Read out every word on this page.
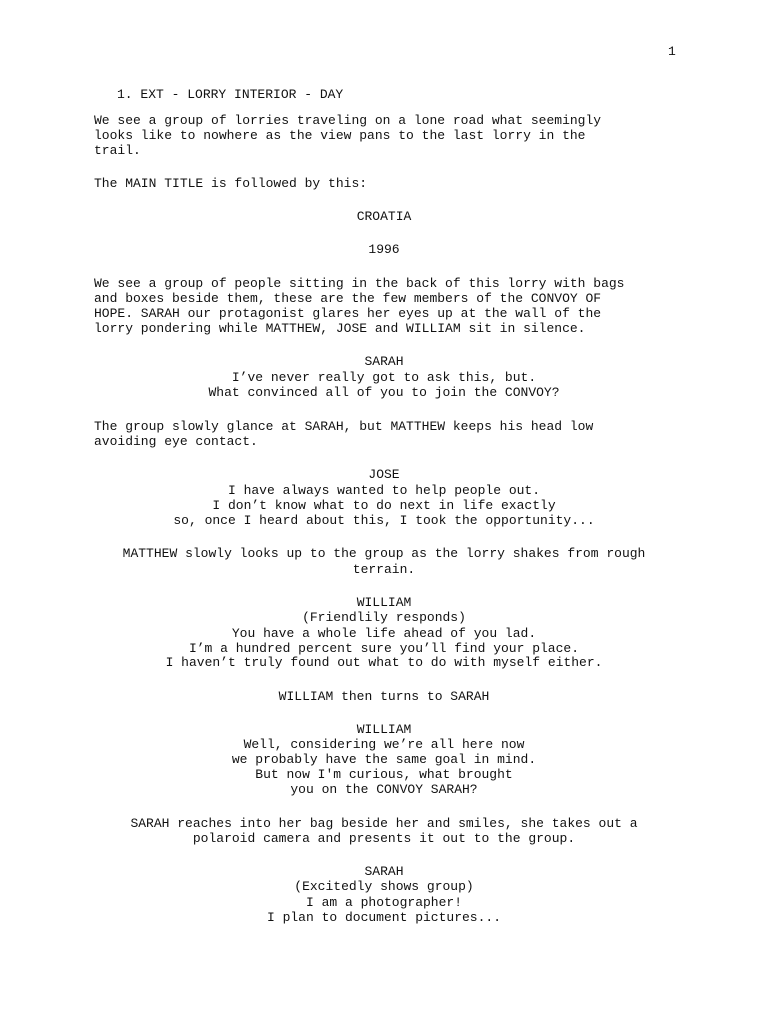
1
1. EXT - LORRY INTERIOR - DAY
We see a group of lorries traveling on a lone road what seemingly
looks like to nowhere as the view pans to the last lorry in the
trail.
The MAIN TITLE is followed by this:
CROATIA
1996
We see a group of people sitting in the back of this lorry with bags
and boxes beside them, these are the few members of the CONVOY OF
HOPE. SARAH our protagonist glares her eyes up at the wall of the
lorry pondering while MATTHEW, JOSE and WILLIAM sit in silence.
SARAH
I’ve never really got to ask this, but.
What convinced all of you to join the CONVOY?
The group slowly glance at SARAH, but MATTHEW keeps his head low
avoiding eye contact.
JOSE
I have always wanted to help people out.
I don’t know what to do next in life exactly
so, once I heard about this, I took the opportunity...
MATTHEW slowly looks up to the group as the lorry shakes from rough
terrain.
WILLIAM
(Friendlily responds)
You have a whole life ahead of you lad.
I’m a hundred percent sure you’ll find your place.
I haven’t truly found out what to do with myself either.
WILLIAM then turns to SARAH
WILLIAM
Well, considering we’re all here now
we probably have the same goal in mind.
But now I'm curious, what brought
you on the CONVOY SARAH?
SARAH reaches into her bag beside her and smiles, she takes out a
polaroid camera and presents it out to the group.
SARAH
(Excitedly shows group)
I am a photographer!
I plan to document pictures...
